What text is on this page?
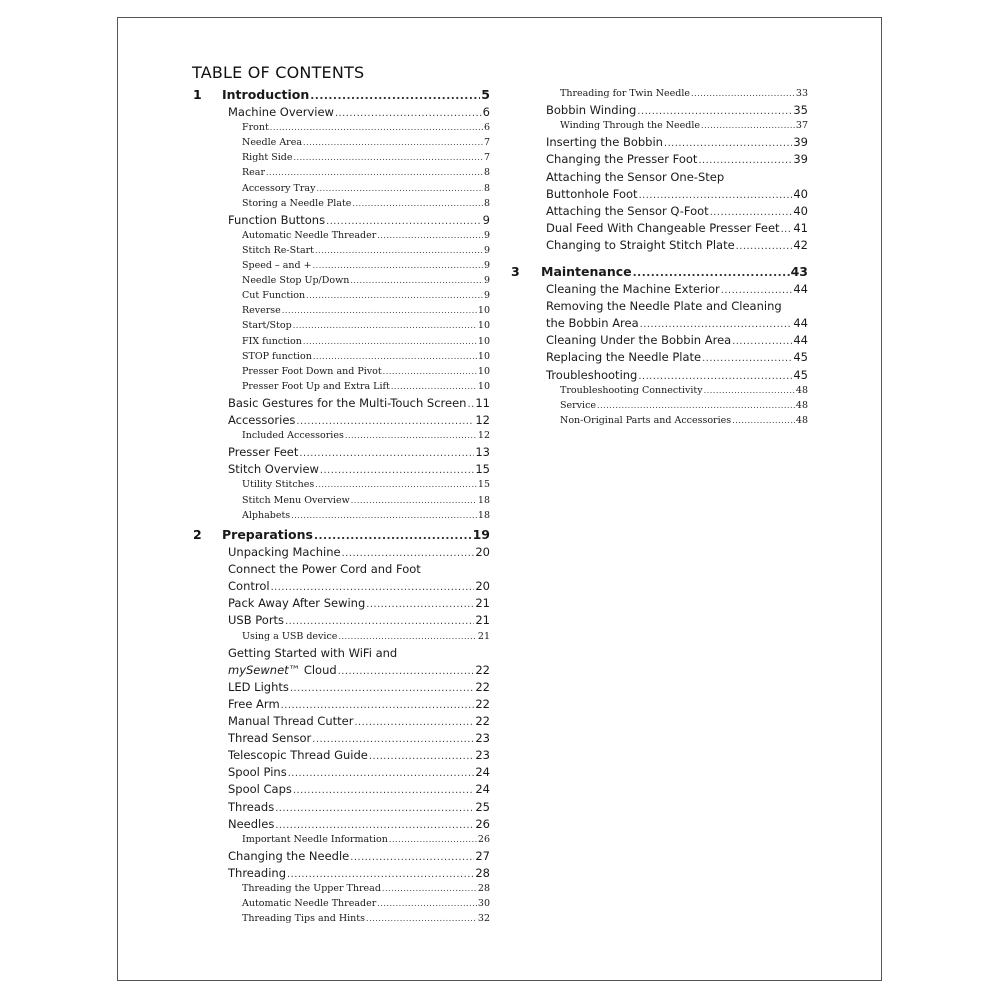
TABLE OF CONTENTS
1 Introduction .....	5
Machine Overview .....	6
Front .....	6
Needle Area .....	7
Right Side .....	7
Rear .....	8
Accessory Tray .....	8
Storing a Needle Plate .....	8
Function Buttons .....	9
Automatic Needle Threader .....	9
Stitch Re-Start .....	9
Speed – and + .....	9
Needle Stop Up/Down .....	9
Cut Function .....	9
Reverse .....	10
Start/Stop .....	10
FIX function .....	10
STOP function .....	10
Presser Foot Down and Pivot .....	10
Presser Foot Up and Extra Lift .....	10
Basic Gestures for the Multi-Touch Screen ..... 11
Accessories .....	12
Included Accessories .....	12
Presser Feet .....	13
Stitch Overview .....	15
Utility Stitches .....	15
Stitch Menu Overview .....	18
Alphabets .....	18
2 Preparations .....	19
Unpacking Machine .....	20
Connect the Power Cord and Foot
Control .....	20
Pack Away After Sewing .....	21
USB Ports .....	21
Using a USB device .....	21
Getting Started with WiFi and
mySewnet™ Cloud .....	22
LED Lights .....	22
Free Arm .....	22
Manual Thread Cutter .....	22
Thread Sensor .....	23
Telescopic Thread Guide .....	23
Spool Pins .....	24
Spool Caps .....	24
Threads .....	25
Needles .....	26
Important Needle Information .....	26
Changing the Needle .....	27
Threading .....	28
Threading the Upper Thread .....	28
Automatic Needle Threader .....	30
Threading Tips and Hints .....	32
Threading for Twin Needle .....	33
Bobbin Winding .....	35
Winding Through the Needle .....	37
Inserting the Bobbin .....	39
Changing the Presser Foot .....	39
Attaching the Sensor One-Step
Buttonhole Foot .....	40
Attaching the Sensor Q-Foot .....	40
Dual Feed With Changeable Presser Feet ..... 41
Changing to Straight Stitch Plate .....	42
3 Maintenance .....	43
Cleaning the Machine Exterior .....	44
Removing the Needle Plate and Cleaning
the Bobbin Area .....	44
Cleaning Under the Bobbin Area .....	44
Replacing the Needle Plate .....	45
Troubleshooting .....	45
Troubleshooting Connectivity .....	48
Service .....	48
Non-Original Parts and Accessories .....	48
